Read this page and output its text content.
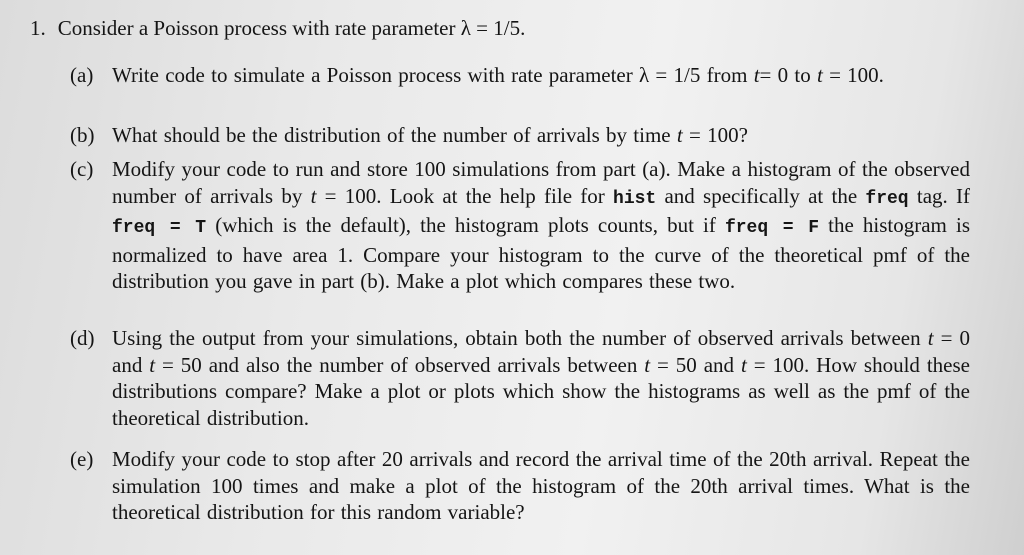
1. Consider a Poisson process with rate parameter λ = 1/5.
(a) Write code to simulate a Poisson process with rate parameter λ = 1/5 from t= 0 to t = 100.
(b) What should be the distribution of the number of arrivals by time t = 100?
(c) Modify your code to run and store 100 simulations from part (a). Make a histogram of the observed number of arrivals by t = 100. Look at the help file for hist and specifically at the freq tag. If freq = T (which is the default), the histogram plots counts, but if freq = F the histogram is normalized to have area 1. Compare your histogram to the curve of the theoretical pmf of the distribution you gave in part (b). Make a plot which compares these two.
(d) Using the output from your simulations, obtain both the number of observed arrivals between t = 0 and t = 50 and also the number of observed arrivals between t = 50 and t = 100. How should these distributions compare? Make a plot or plots which show the histograms as well as the pmf of the theoretical distribution.
(e) Modify your code to stop after 20 arrivals and record the arrival time of the 20th arrival. Repeat the simulation 100 times and make a plot of the histogram of the 20th arrival times. What is the theoretical distribution for this random variable?
